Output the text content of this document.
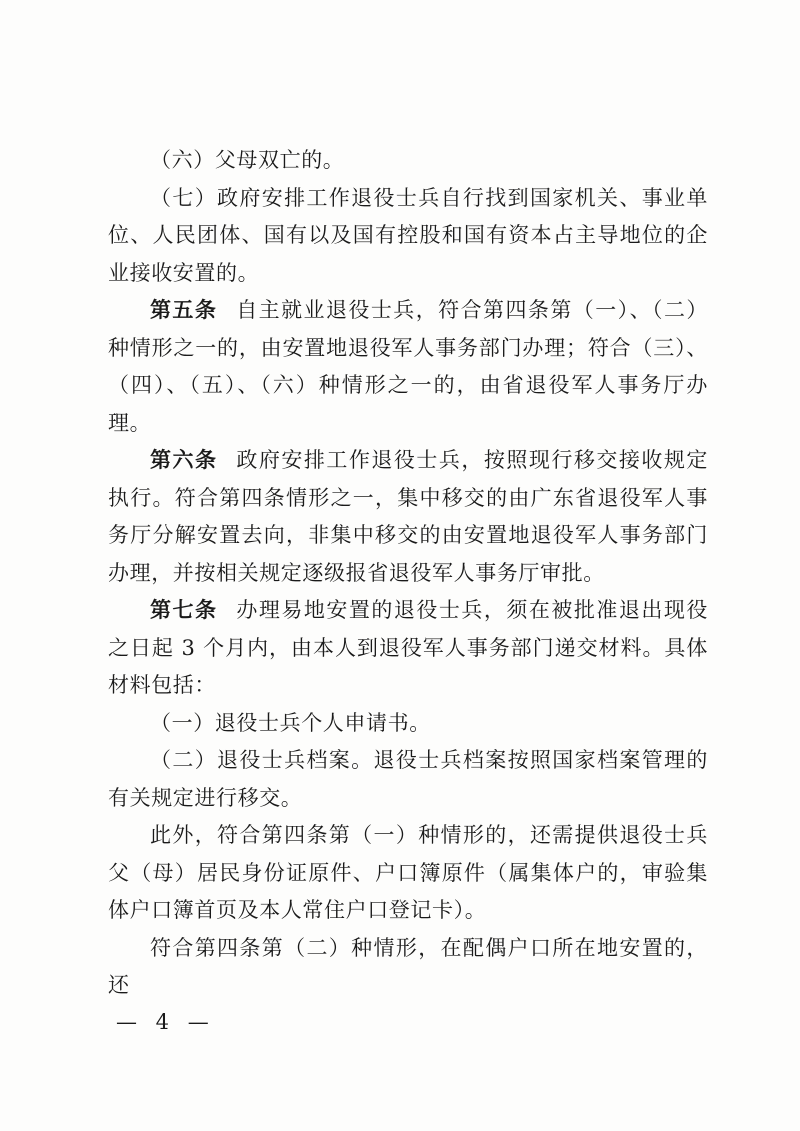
（六）父母双亡的。

（七）政府安排工作退役士兵自行找到国家机关、事业单位、人民团体、国有以及国有控股和国有资本占主导地位的企业接收安置的。

第五条 自主就业退役士兵，符合第四条第（一）、（二）种情形之一的，由安置地退役军人事务部门办理；符合（三）、（四）、（五）、（六）种情形之一的，由省退役军人事务厅办理。

第六条 政府安排工作退役士兵，按照现行移交接收规定执行。符合第四条情形之一，集中移交的由广东省退役军人事务厅分解安置去向，非集中移交的由安置地退役军人事务部门办理，并按相关规定逐级报省退役军人事务厅审批。

第七条 办理易地安置的退役士兵，须在被批准退出现役之日起 3 个月内，由本人到退役军人事务部门递交材料。具体材料包括：

（一）退役士兵个人申请书。

（二）退役士兵档案。退役士兵档案按照国家档案管理的有关规定进行移交。

此外，符合第四条第（一）种情形的，还需提供退役士兵父（母）居民身份证原件、户口簿原件（属集体户的，审验集体户口簿首页及本人常住户口登记卡）。

符合第四条第（二）种情形，在配偶户口所在地安置的，还

— 4 —
